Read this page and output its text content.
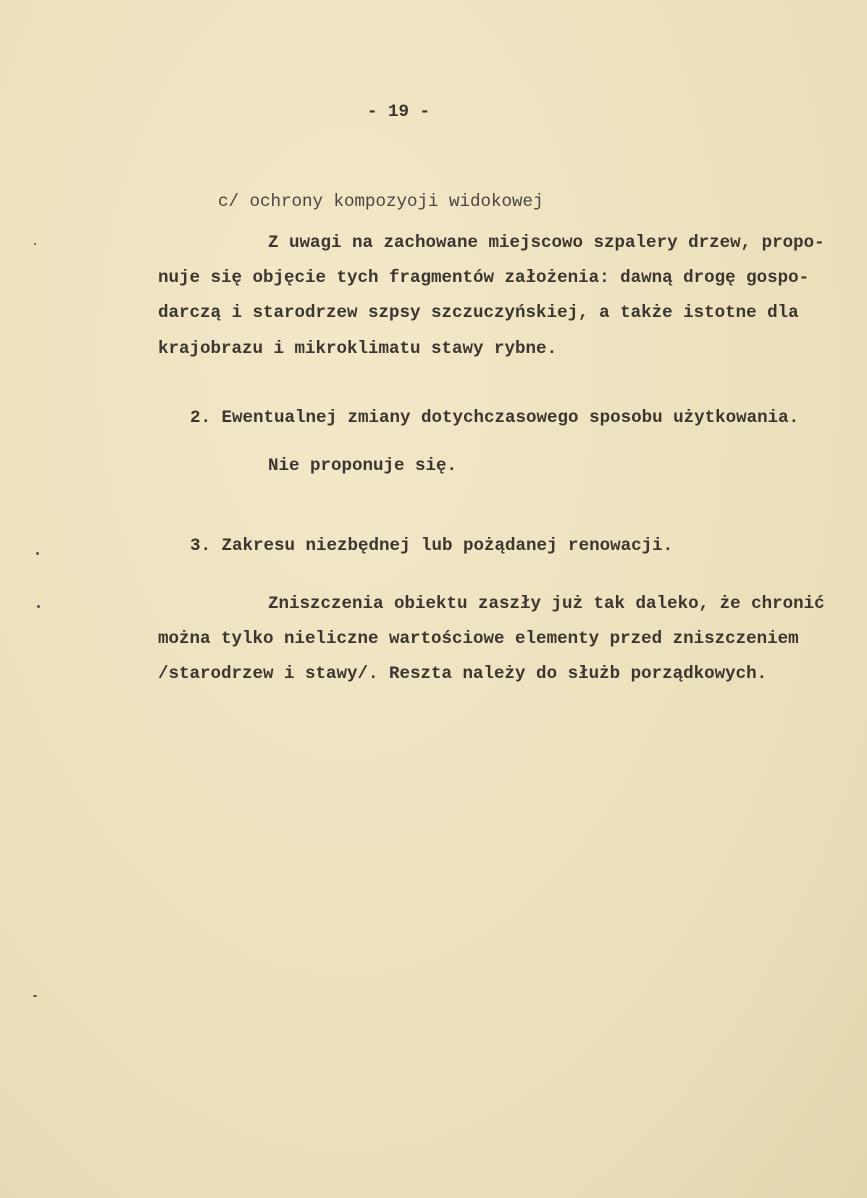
- 19 -
c/ ochrony kompozyoji widokowej
Z uwagi na zachowane miejscowo szpalery drzew, propo-
nuje się objęcie tych fragmentów założenia: dawną drogę gospo-
darczą i starodrzew szpsy szczuczyńskiej, a także istotne dla
krajobrazu i mikroklimatu stawy rybne.
2. Ewentualnej zmiany dotychczasowego sposobu użytkowania.
Nie proponuje się.
3. Zakresu niezbędnej lub pożądanej renowacji.
Zniszczenia obiektu zaszły już tak daleko, że chronić
można tylko nieliczne wartościowe elementy przed zniszczeniem
/starodrzew i stawy/. Reszta należy do służb porządkowych.
